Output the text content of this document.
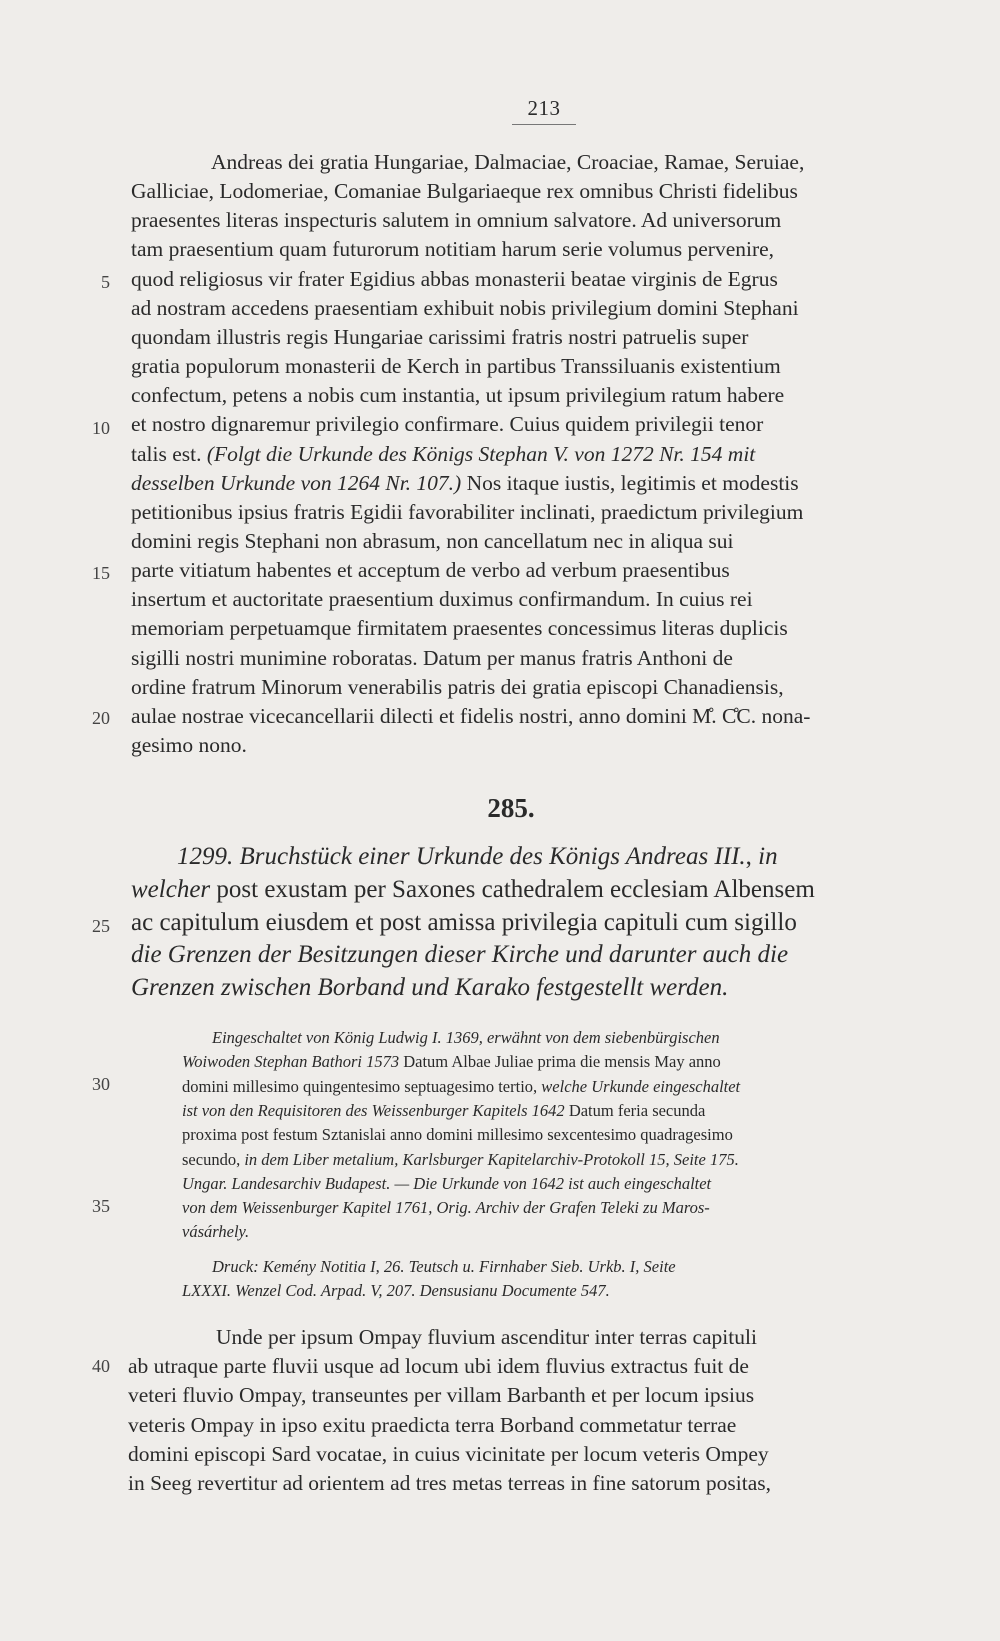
213
5
10
15
20
25
30
35
40
Andreas dei gratia Hungariae, Dalmaciae, Croaciae, Ramae, Seruiae,
Galliciae, Lodomeriae, Comaniae Bulgariaeque rex omnibus Christi fidelibus
praesentes literas inspecturis salutem in omnium salvatore. Ad universorum
tam praesentium quam futurorum notitiam harum serie volumus pervenire,
quod religiosus vir frater Egidius abbas monasterii beatae virginis de Egrus
ad nostram accedens praesentiam exhibuit nobis privilegium domini Stephani
quondam illustris regis Hungariae carissimi fratris nostri patruelis super
gratia populorum monasterii de Kerch in partibus Transsiluanis existentium
confectum, petens a nobis cum instantia, ut ipsum privilegium ratum habere
et nostro dignaremur privilegio confirmare. Cuius quidem privilegii tenor
talis est. (Folgt die Urkunde des Königs Stephan V. von 1272 Nr. 154 mit
desselben Urkunde von 1264 Nr. 107.) Nos itaque iustis, legitimis et modestis
petitionibus ipsius fratris Egidii favorabiliter inclinati, praedictum privilegium
domini regis Stephani non abrasum, non cancellatum nec in aliqua sui
parte vitiatum habentes et acceptum de verbo ad verbum praesentibus
insertum et auctoritate praesentium duximus confirmandum. In cuius rei
memoriam perpetuamque firmitatem praesentes concessimus literas duplicis
sigilli nostri munimine roboratas. Datum per manus fratris Anthoni de
ordine fratrum Minorum venerabilis patris dei gratia episcopi Chanadiensis,
aulae nostrae vicecancellarii dilecti et fidelis nostri, anno domini M̊. C̊C. nona-
gesimo nono.
285.
1299. Bruchstück einer Urkunde des Königs Andreas III., in
welcher post exustam per Saxones cathedralem ecclesiam Albensem
ac capitulum eiusdem et post amissa privilegia capituli cum sigillo
die Grenzen der Besitzungen dieser Kirche und darunter auch die
Grenzen zwischen Borband und Karako festgestellt werden.
Eingeschaltet von König Ludwig I. 1369, erwähnt von dem siebenbürgischen
Woiwoden Stephan Bathori 1573 Datum Albae Juliae prima die mensis May anno
domini millesimo quingentesimo septuagesimo tertio, welche Urkunde eingeschaltet
ist von den Requisitoren des Weissenburger Kapitels 1642 Datum feria secunda
proxima post festum Sztanislai anno domini millesimo sexcentesimo quadragesimo
secundo, in dem Liber metalium, Karlsburger Kapitelarchiv-Protokoll 15, Seite 175.
Ungar. Landesarchiv Budapest. — Die Urkunde von 1642 ist auch eingeschaltet
von dem Weissenburger Kapitel 1761, Orig. Archiv der Grafen Teleki zu Maros-
vásárhely.
Druck: Kemény Notitia I, 26. Teutsch u. Firnhaber Sieb. Urkb. I, Seite
LXXXI. Wenzel Cod. Arpad. V, 207. Densusianu Documente 547.
Unde per ipsum Ompay fluvium ascenditur inter terras capituli
ab utraque parte fluvii usque ad locum ubi idem fluvius extractus fuit de
veteri fluvio Ompay, transeuntes per villam Barbanth et per locum ipsius
veteris Ompay in ipso exitu praedicta terra Borband commetatur terrae
domini episcopi Sard vocatae, in cuius vicinitate per locum veteris Ompey
in Seeg revertitur ad orientem ad tres metas terreas in fine satorum positas,
